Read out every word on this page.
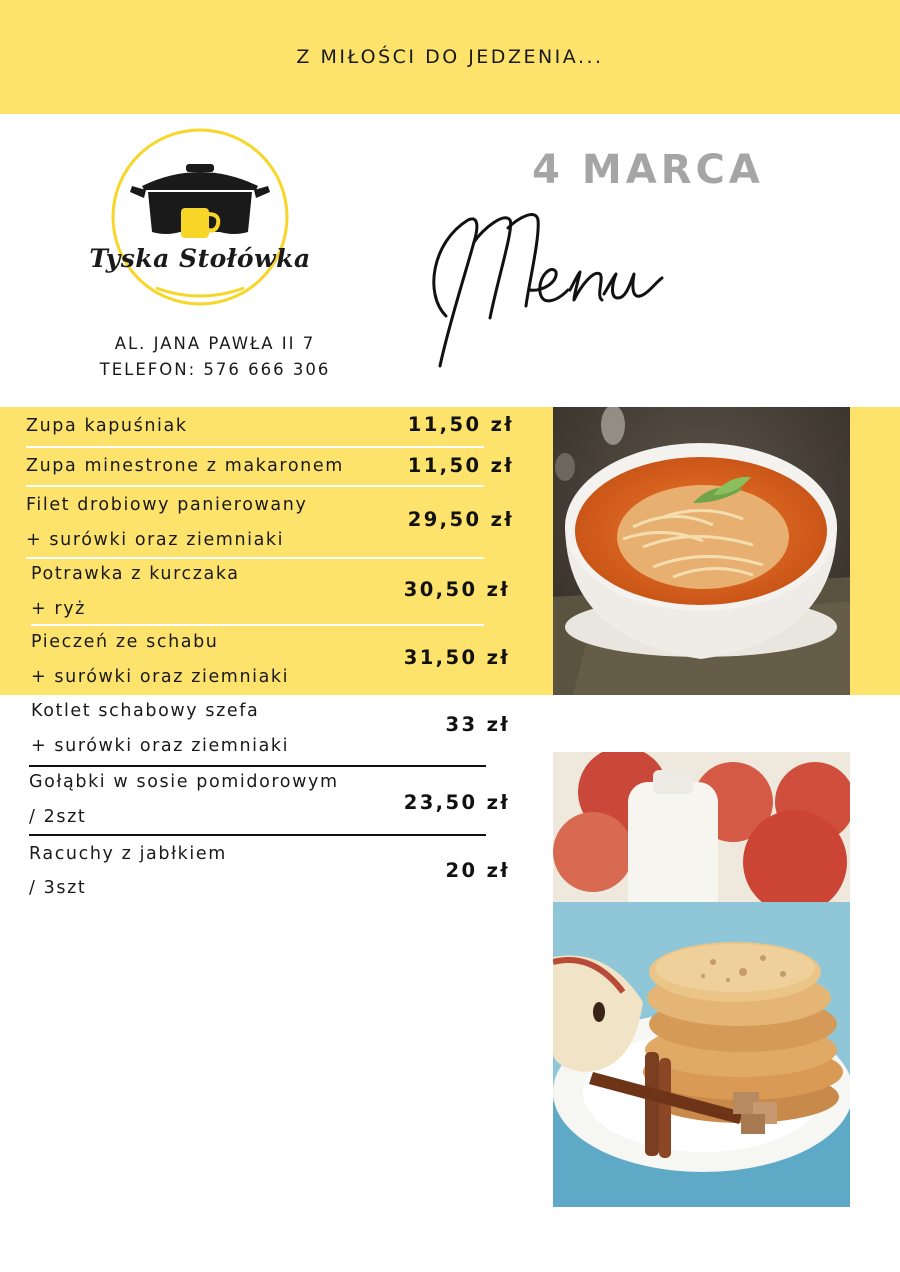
Z MIŁOŚCI DO JEDZENIA...
Tyska Stołówka
AL. JANA PAWŁA II 7
TELEFON: 576 666 306
4 MARCA
Zupa kapuśniak	11,50 zł
Zupa minestrone z makaronem	11,50 zł
Filet drobiowy panierowany
+ surówki oraz ziemniaki
29,50 zł
Potrawka z kurczaka
+ ryż
30,50 zł
Pieczeń ze schabu
+ surówki oraz ziemniaki
31,50 zł
Kotlet schabowy szefa
+ surówki oraz ziemniaki
33 zł
Gołąbki w sosie pomidorowym
/ 2szt
23,50 zł
Racuchy z jabłkiem
/ 3szt
20 zł
